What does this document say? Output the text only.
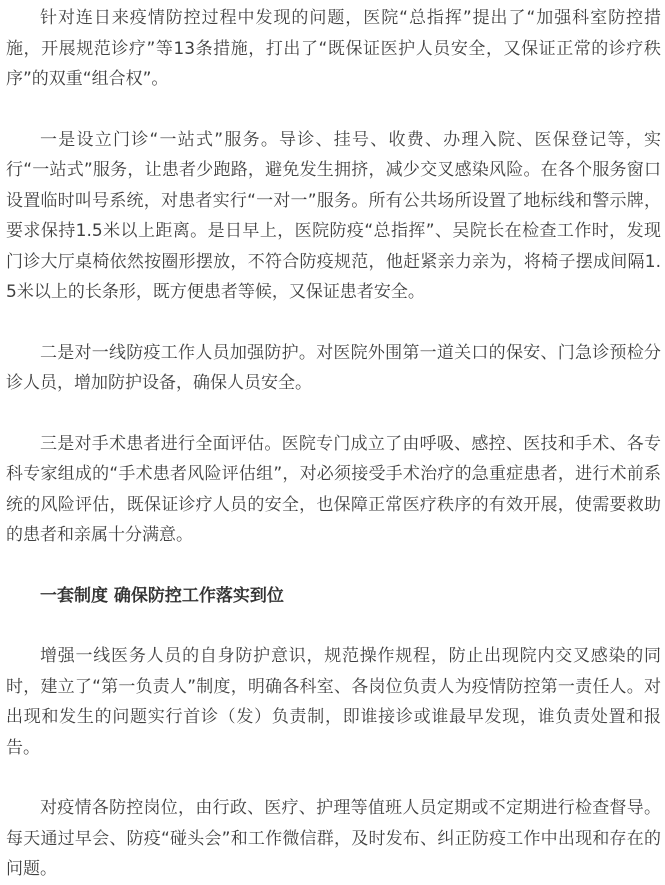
针对连日来疫情防控过程中发现的问题，医院“总指挥”提出了“加强科室防控措施，开展规范诊疗”等13条措施，打出了“既保证医护人员安全，又保证正常的诊疗秩序”的双重“组合权”。

一是设立门诊“一站式”服务。导诊、挂号、收费、办理入院、医保登记等，实行“一站式”服务，让患者少跑路，避免发生拥挤，减少交叉感染风险。在各个服务窗口设置临时叫号系统，对患者实行“一对一”服务。所有公共场所设置了地标线和警示牌，要求保持1.5米以上距离。是日早上，医院防疫“总指挥”、吴院长在检查工作时，发现门诊大厅桌椅依然按圈形摆放，不符合防疫规范，他赶紧亲力亲为，将椅子摆成间隔1.5米以上的长条形，既方便患者等候，又保证患者安全。

二是对一线防疫工作人员加强防护。对医院外围第一道关口的保安、门急诊预检分诊人员，增加防护设备，确保人员安全。

三是对手术患者进行全面评估。医院专门成立了由呼吸、感控、医技和手术、各专科专家组成的“手术患者风险评估组”，对必须接受手术治疗的急重症患者，进行术前系统的风险评估，既保证诊疗人员的安全，也保障正常医疗秩序的有效开展，使需要救助的患者和亲属十分满意。

一套制度 确保防控工作落实到位

增强一线医务人员的自身防护意识，规范操作规程，防止出现院内交叉感染的同时，建立了“第一负责人”制度，明确各科室、各岗位负责人为疫情防控第一责任人。对出现和发生的问题实行首诊（发）负责制，即谁接诊或谁最早发现，谁负责处置和报告。

对疫情各防控岗位，由行政、医疗、护理等值班人员定期或不定期进行检查督导。每天通过早会、防疫“碰头会”和工作微信群，及时发布、纠正防疫工作中出现和存在的问题。
